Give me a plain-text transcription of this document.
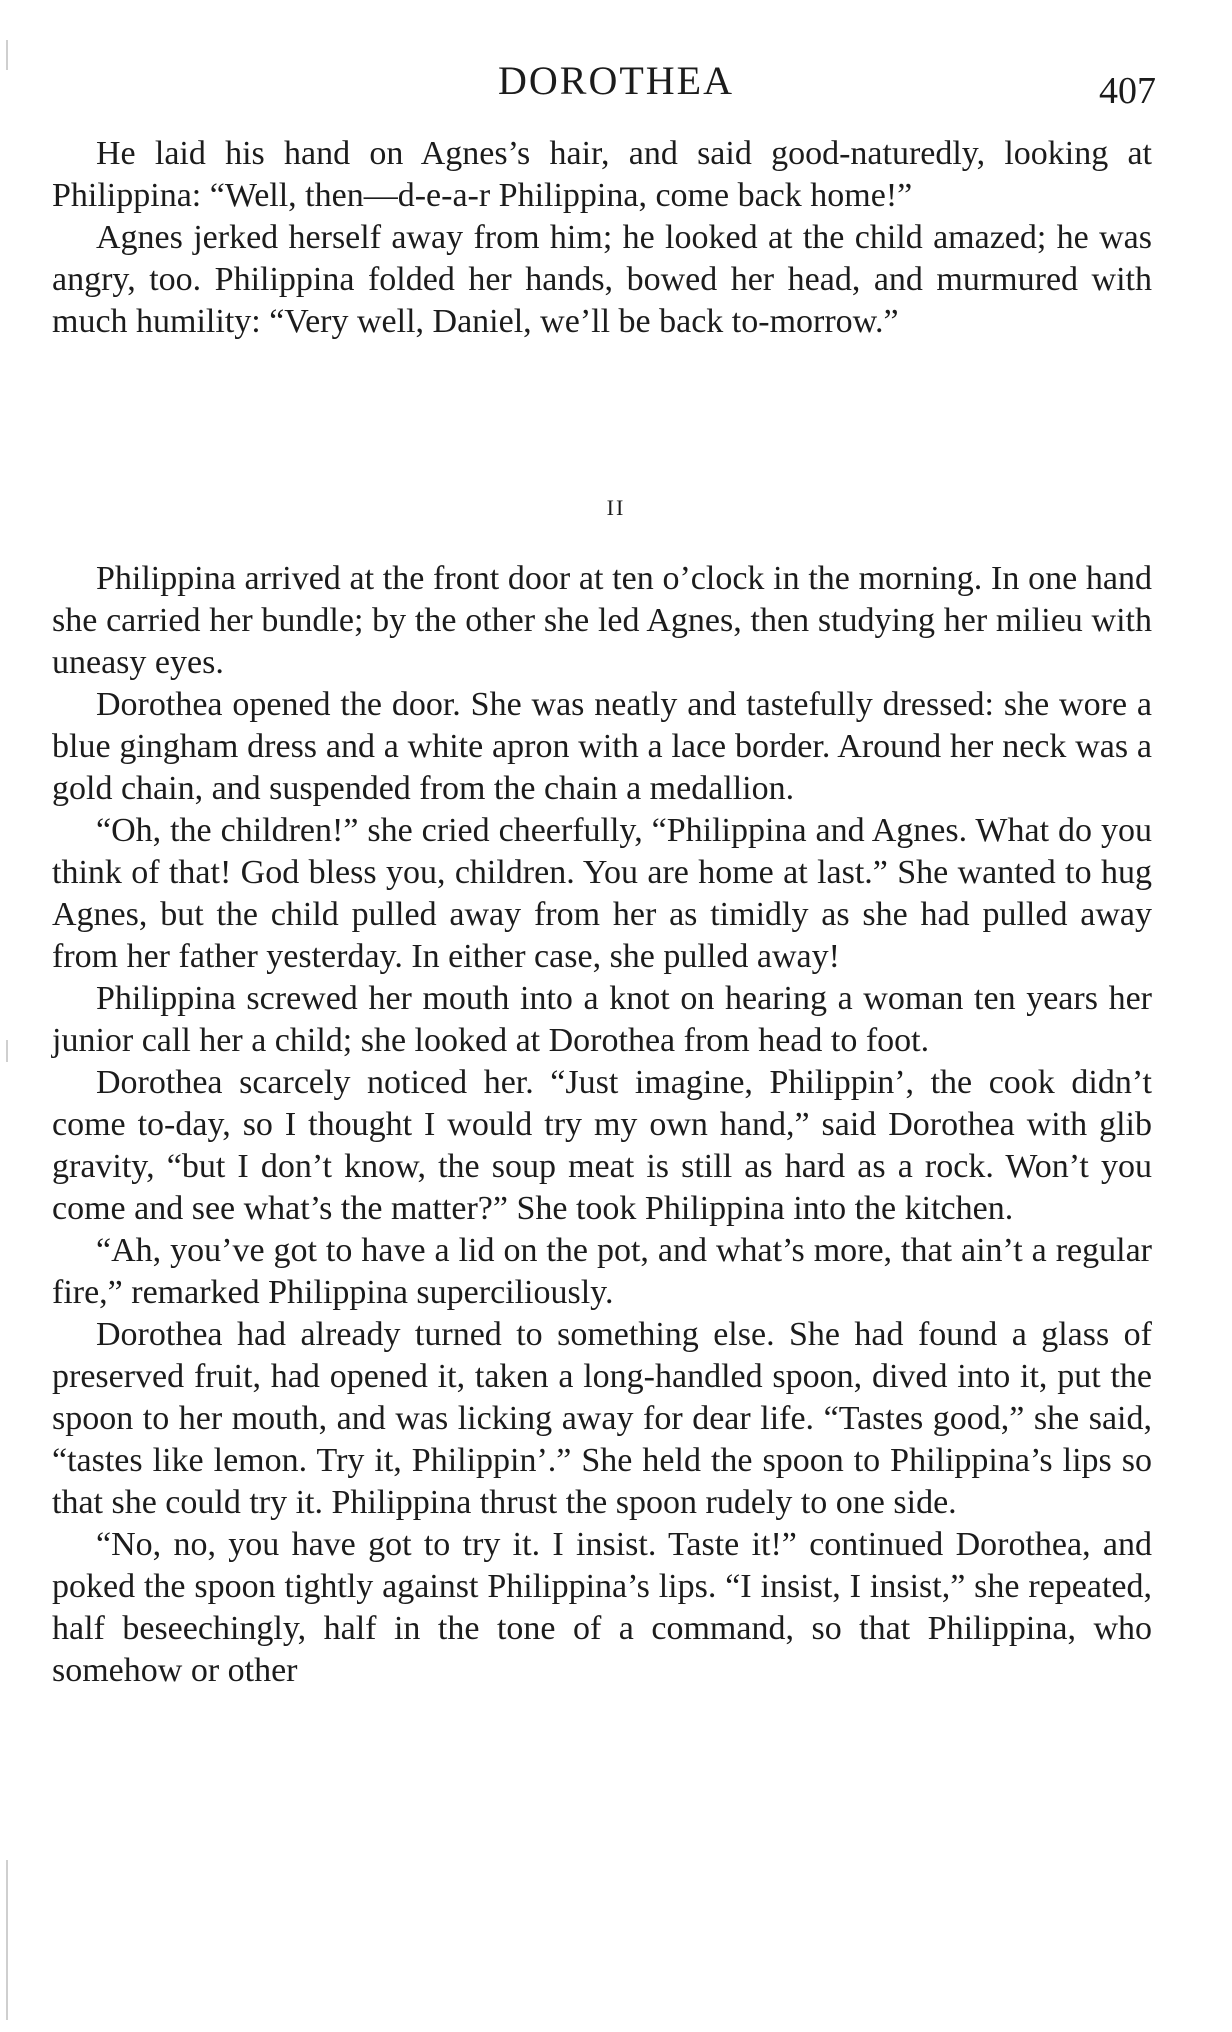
DOROTHEA	407

He laid his hand on Agnes’s hair, and said good-naturedly, looking at Philippina: “Well, then—d-e-a-r Philippina, come back home!”

Agnes jerked herself away from him; he looked at the child amazed; he was angry, too. Philippina folded her hands, bowed her head, and murmured with much humility: “Very well, Daniel, we’ll be back to-morrow.”

II

Philippina arrived at the front door at ten o’clock in the morning. In one hand she carried her bundle; by the other she led Agnes, then studying her milieu with uneasy eyes.

Dorothea opened the door. She was neatly and tastefully dressed: she wore a blue gingham dress and a white apron with a lace border. Around her neck was a gold chain, and suspended from the chain a medallion.

“Oh, the children!” she cried cheerfully, “Philippina and Agnes. What do you think of that! God bless you, children. You are home at last.” She wanted to hug Agnes, but the child pulled away from her as timidly as she had pulled away from her father yesterday. In either case, she pulled away!

Philippina screwed her mouth into a knot on hearing a woman ten years her junior call her a child; she looked at Dorothea from head to foot.

Dorothea scarcely noticed her. “Just imagine, Philippin’, the cook didn’t come to-day, so I thought I would try my own hand,” said Dorothea with glib gravity, “but I don’t know, the soup meat is still as hard as a rock. Won’t you come and see what’s the matter?” She took Philippina into the kitchen.

“Ah, you’ve got to have a lid on the pot, and what’s more, that ain’t a regular fire,” remarked Philippina superciliously.

Dorothea had already turned to something else. She had found a glass of preserved fruit, had opened it, taken a long-handled spoon, dived into it, put the spoon to her mouth, and was licking away for dear life. “Tastes good,” she said, “tastes like lemon. Try it, Philippin’.” She held the spoon to Philippina’s lips so that she could try it. Philippina thrust the spoon rudely to one side.

“No, no, you have got to try it. I insist. Taste it!” continued Dorothea, and poked the spoon tightly against Philippina’s lips. “I insist, I insist,” she repeated, half beseechingly, half in the tone of a command, so that Philippina, who somehow or other
